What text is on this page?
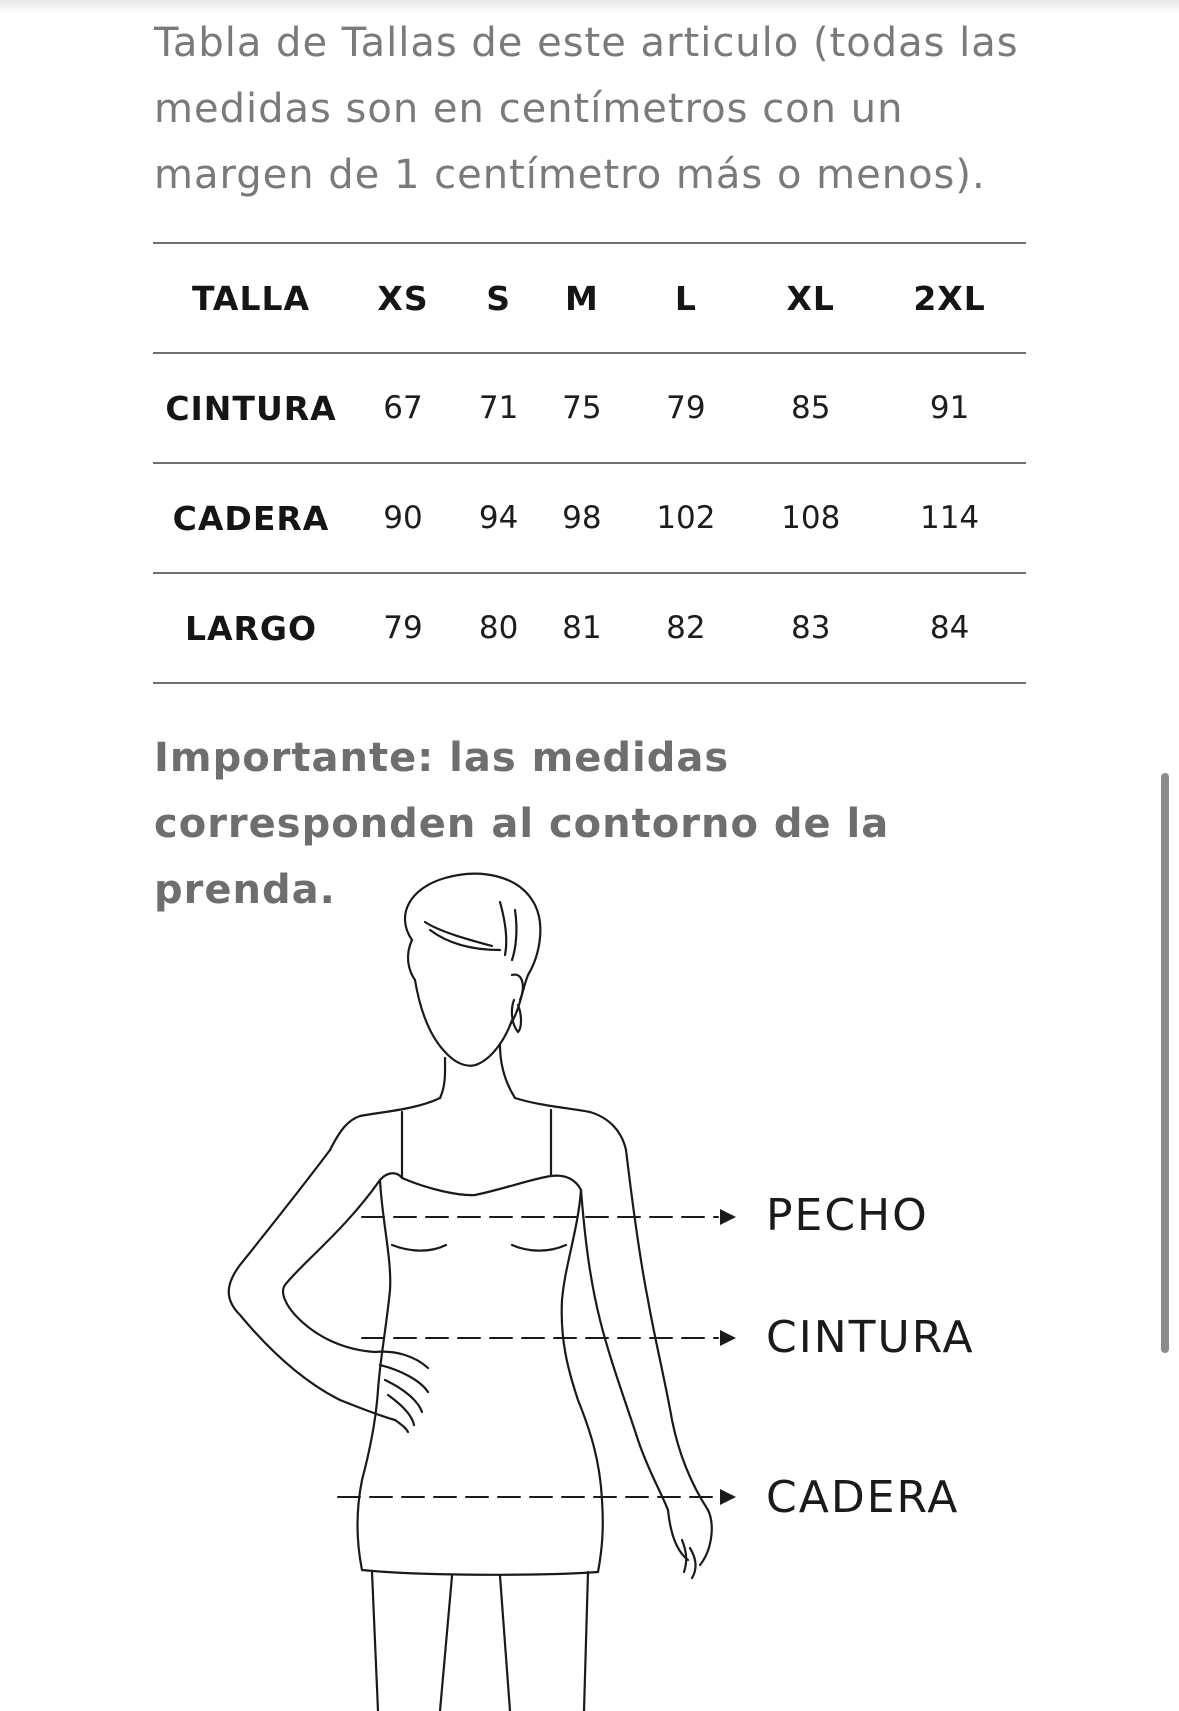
Tabla de Tallas de este articulo (todas las medidas son en centímetros con un margen de 1 centímetro más o menos).

TALLA	XS	S	M	L	XL	2XL
CINTURA	67	71	75	79	85	91
CADERA	90	94	98	102	108	114
LARGO	79	80	81	82	83	84

Importante: las medidas corresponden al contorno de la prenda.

PECHO
CINTURA
CADERA
